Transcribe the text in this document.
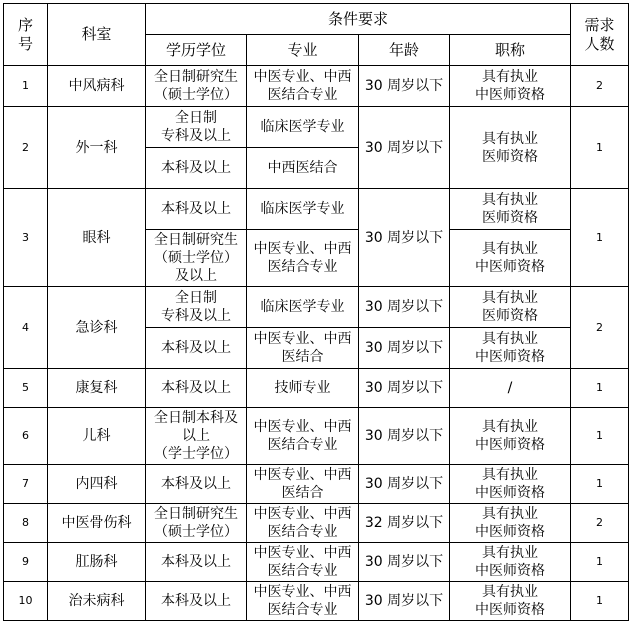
序
号	科室	条件要求				需求
人数

		学历学位	专业	年龄	职称	
1	中风病科	全日制研究生
（硕士学位）	中医专业、中西
医结合专业	30 周岁以下	具有执业
中医师资格	2
2	外一科	全日制
专科及以上	临床医学专业	30 周岁以下	具有执业
医师资格	1

		本科及以上	中西医结合			

3	眼科	本科及以上	临床医学专业	30 周岁以下	具有执业
医师资格	1

		全日制研究生
（硕士学位）
及以上	中医专业、中西
医结合专业		具有执业
中医师资格	

4	急诊科	全日制
专科及以上	临床医学专业	30 周岁以下	具有执业
医师资格	2

		本科及以上	中医专业、中西
医结合	30 周岁以下	具有执业
中医师资格	

5	康复科	本科及以上	技师专业	30 周岁以下	/	1
6	儿科	全日制本科及
以上
（学士学位）	中医专业、中西
医结合专业	30 周岁以下	具有执业
中医师资格	1
7	内四科	本科及以上	中医专业、中西
医结合	30 周岁以下	具有执业
中医师资格	1
8	中医骨伤科	全日制研究生
（硕士学位）	中医专业、中西
医结合专业	32 周岁以下	具有执业
中医师资格	2
9	肛肠科	本科及以上	中医专业、中西
医结合专业	30 周岁以下	具有执业
中医师资格	1
10	治未病科	本科及以上	中医专业、中西
医结合专业	30 周岁以下	具有执业
中医师资格	1
